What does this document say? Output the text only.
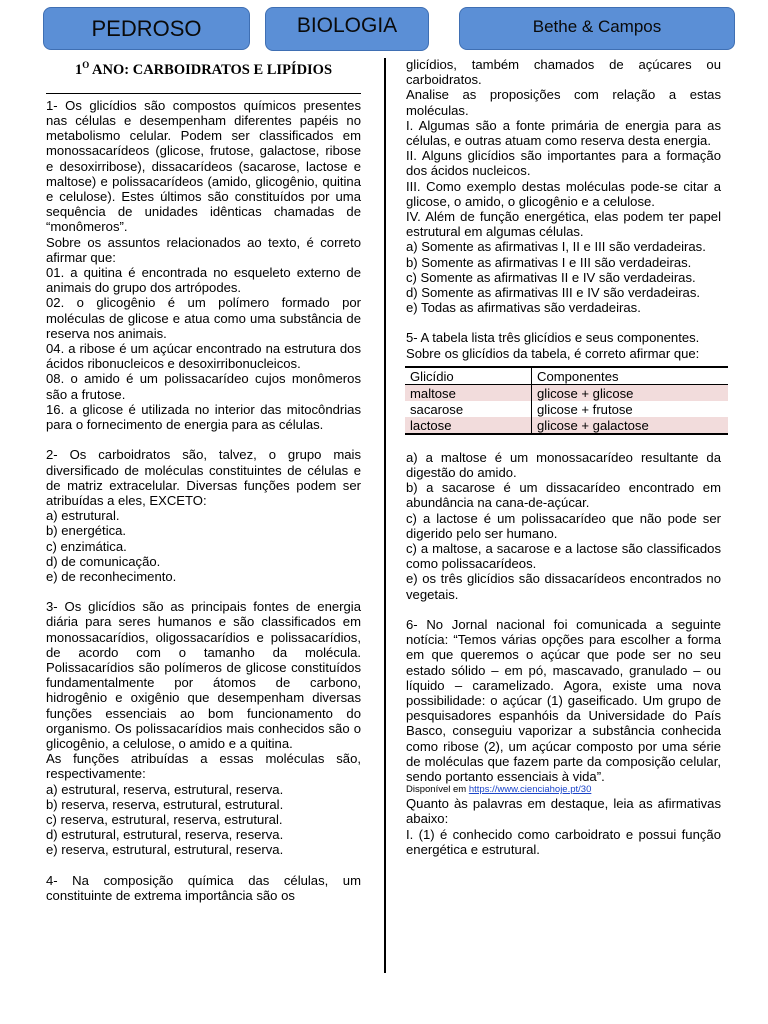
PEDROSO	BIOLOGIA	Bethe & Campos
$1^O$ ANO: CARBOIDRATOS E LIPÍDIOS

1- Os glicídios são compostos químicos presentes nas células e desempenham diferentes papéis no metabolismo celular. Podem ser classificados em monossacarídeos (glicose, frutose, galactose, ribose e desoxirribose), dissacarídeos (sacarose, lactose e maltose) e polissacarídeos (amido, glicogênio, quitina e celulose). Estes últimos são constituídos por uma sequência de unidades idênticas chamadas de “monômeros”.

Sobre os assuntos relacionados ao texto, é correto afirmar que:

01. a quitina é encontrada no esqueleto externo de animais do grupo dos artrópodes.

02. o glicogênio é um polímero formado por moléculas de glicose e atua como uma substância de reserva nos animais.

04. a ribose é um açúcar encontrado na estrutura dos ácidos ribonucleicos e desoxirribonucleicos.

08. o amido é um polissacarídeo cujos monômeros são a frutose.

16. a glicose é utilizada no interior das mitocôndrias para o fornecimento de energia para as células.

2- Os carboidratos são, talvez, o grupo mais diversificado de moléculas constituintes de células e de matriz extracelular. Diversas funções podem ser atribuídas a eles, EXCETO:

a) estrutural.

b) energética.

c) enzimática.

d) de comunicação.

e) de reconhecimento.

3- Os glicídios são as principais fontes de energia diária para seres humanos e são classificados em monossacarídios, oligossacarídios e polissacarídios, de acordo com o tamanho da molécula. Polissacarídios são polímeros de glicose constituídos fundamentalmente por átomos de carbono, hidrogênio e oxigênio que desempenham diversas funções essenciais ao bom funcionamento do organismo. Os polissacarídios mais conhecidos são o glicogênio, a celulose, o amido e a quitina.

As funções atribuídas a essas moléculas são, respectivamente:

a) estrutural, reserva, estrutural, reserva.

b) reserva, reserva, estrutural, estrutural.

c) reserva, estrutural, reserva, estrutural.

d) estrutural, estrutural, reserva, reserva.

e) reserva, estrutural, estrutural, reserva.

4- Na composição química das células, um constituinte de extrema importância são os

glicídios, também chamados de açúcares ou carboidratos.

Analise as proposições com relação a estas moléculas.

I. Algumas são a fonte primária de energia para as células, e outras atuam como reserva desta energia.

II. Alguns glicídios são importantes para a formação dos ácidos nucleicos.

III. Como exemplo destas moléculas pode-se citar a glicose, o amido, o glicogênio e a celulose.

IV. Além de função energética, elas podem ter papel estrutural em algumas células.

a) Somente as afirmativas I, II e III são verdadeiras.

b) Somente as afirmativas I e III são verdadeiras.

c) Somente as afirmativas II e IV são verdadeiras.

d) Somente as afirmativas III e IV são verdadeiras.

e) Todas as afirmativas são verdadeiras.

5- A tabela lista três glicídios e seus componentes.

Sobre os glicídios da tabela, é correto afirmar que:

Glicídio	Componentes
maltose	glicose + glicose
sacarose	glicose + frutose
lactose	glicose + galactose

a) a maltose é um monossacarídeo resultante da digestão do amido.

b) a sacarose é um dissacarídeo encontrado em abundância na cana-de-açúcar.

c) a lactose é um polissacarídeo que não pode ser digerido pelo ser humano.

c) a maltose, a sacarose e a lactose são classificados como polissacarídeos.

e) os três glicídios são dissacarídeos encontrados no vegetais.

6- No Jornal nacional foi comunicada a seguinte notícia: “Temos várias opções para escolher a forma em que queremos o açúcar que pode ser no seu estado sólido – em pó, mascavado, granulado – ou líquido – caramelizado. Agora, existe uma nova possibilidade: o açúcar (1) gaseificado. Um grupo de pesquisadores espanhóis da Universidade do País Basco, conseguiu vaporizar a substância conhecida como ribose (2), um açúcar composto por uma série de moléculas que fazem parte da composição celular, sendo portanto essenciais à vida”.

Disponível em https://www.cienciahoje.pt/30

Quanto às palavras em destaque, leia as afirmativas abaixo:

I. (1) é conhecido como carboidrato e possui função energética e estrutural.
